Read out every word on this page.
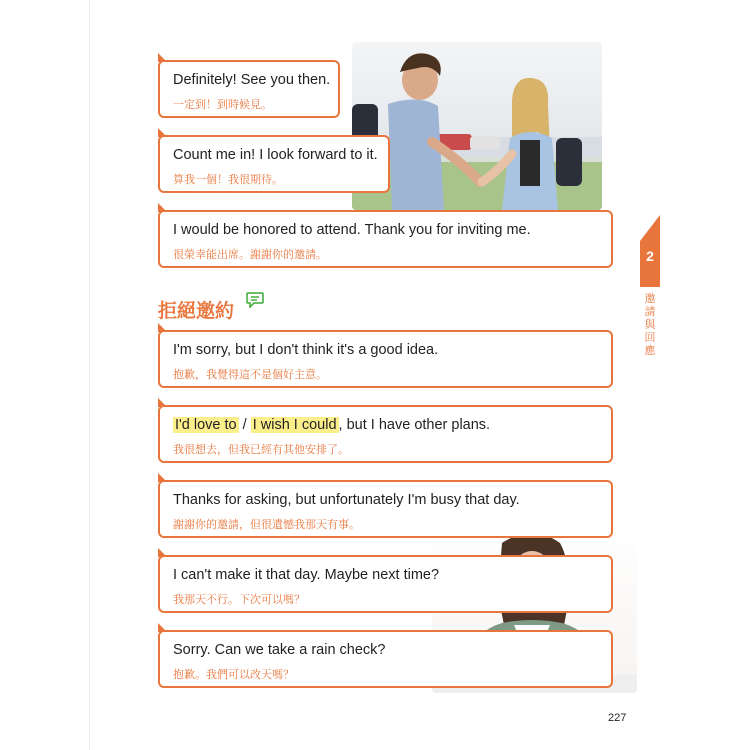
Definitely! See you then.
一定到！到時候見。
Count me in! I look forward to it.
算我一個！我很期待。
I would be honored to attend. Thank you for inviting me.
很榮幸能出席。謝謝你的邀請。
拒絕邀約
I'm sorry, but I don't think it's a good idea.
抱歉，我覺得這不是個好主意。
I'd love to / I wish I could , but I have other plans.
我很想去，但我已經有其他安排了。
Thanks for asking, but unfortunately I'm busy that day.
謝謝你的邀請，但很遺憾我那天有事。
I can't make it that day. Maybe next time?
我那天不行。下次可以嗎？
Sorry. Can we take a rain check?
抱歉。我們可以改天嗎？
2
邀
請
與
回
應
227
